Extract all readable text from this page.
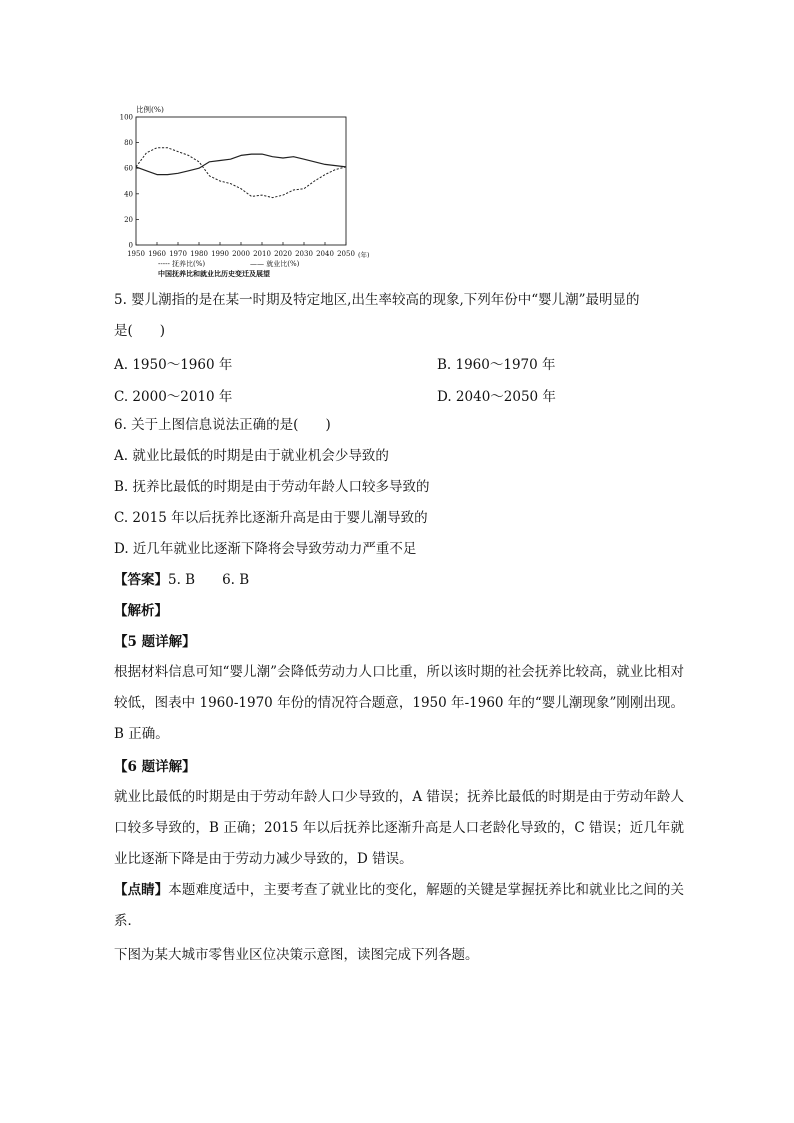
比例(%)
(年)
0
20
40
60
80
100
1950 1960 1970 1980 1990 2000 2010 2020 2030 2040 2050
----- 抚养比(%)	—— 就业比(%)
中国抚养比和就业比历史变迁及展望
5. 婴儿潮指的是在某一时期及特定地区,出生率较高的现象,下列年份中“婴儿潮”最明显的
是(　　)
A. 1950～1960 年	B. 1960～1970 年
C. 2000～2010 年	D. 2040～2050 年
6. 关于上图信息说法正确的是(　　)
A. 就业比最低的时期是由于就业机会少导致的
B. 抚养比最低的时期是由于劳动年龄人口较多导致的
C. 2015 年以后抚养比逐渐升高是由于婴儿潮导致的
D. 近几年就业比逐渐下降将会导致劳动力严重不足
【答案】5. B　　6. B
【解析】
【5 题详解】
根据材料信息可知“婴儿潮”会降低劳动力人口比重，所以该时期的社会抚养比较高，就业比相对较低，图表中 1960-1970 年份的情况符合题意，1950 年-1960 年的“婴儿潮现象”刚刚出现。B 正确。
【6 题详解】
就业比最低的时期是由于劳动年龄人口少导致的，A 错误；抚养比最低的时期是由于劳动年龄人口较多导致的，B 正确；2015 年以后抚养比逐渐升高是人口老龄化导致的，C 错误；近几年就业比逐渐下降是由于劳动力减少导致的，D 错误。
【点睛】本题难度适中，主要考查了就业比的变化，解题的关键是掌握抚养比和就业比之间的关系．
下图为某大城市零售业区位决策示意图，读图完成下列各题。
